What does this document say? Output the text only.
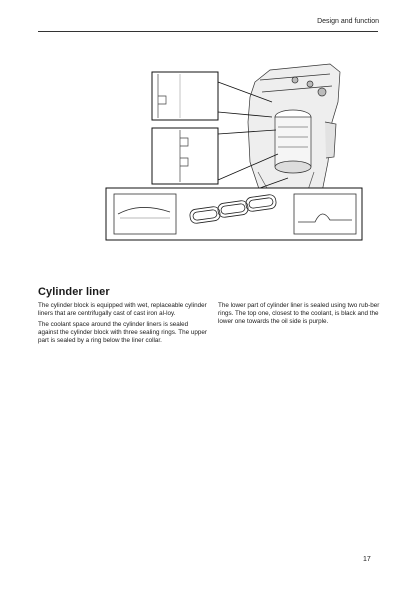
Design and function
Cylinder liner

The cylinder block is equipped with wet, replaceable cylinder liners that are centrifugally cast of cast iron al-loy.

The coolant space around the cylinder liners is sealed against the cylinder block with three sealing rings. The upper part is sealed by a ring below the liner collar.

The lower part of cylinder liner is sealed using two rub-ber rings. The top one, closest to the coolant, is black and the lower one towards the oil side is purple.

17
